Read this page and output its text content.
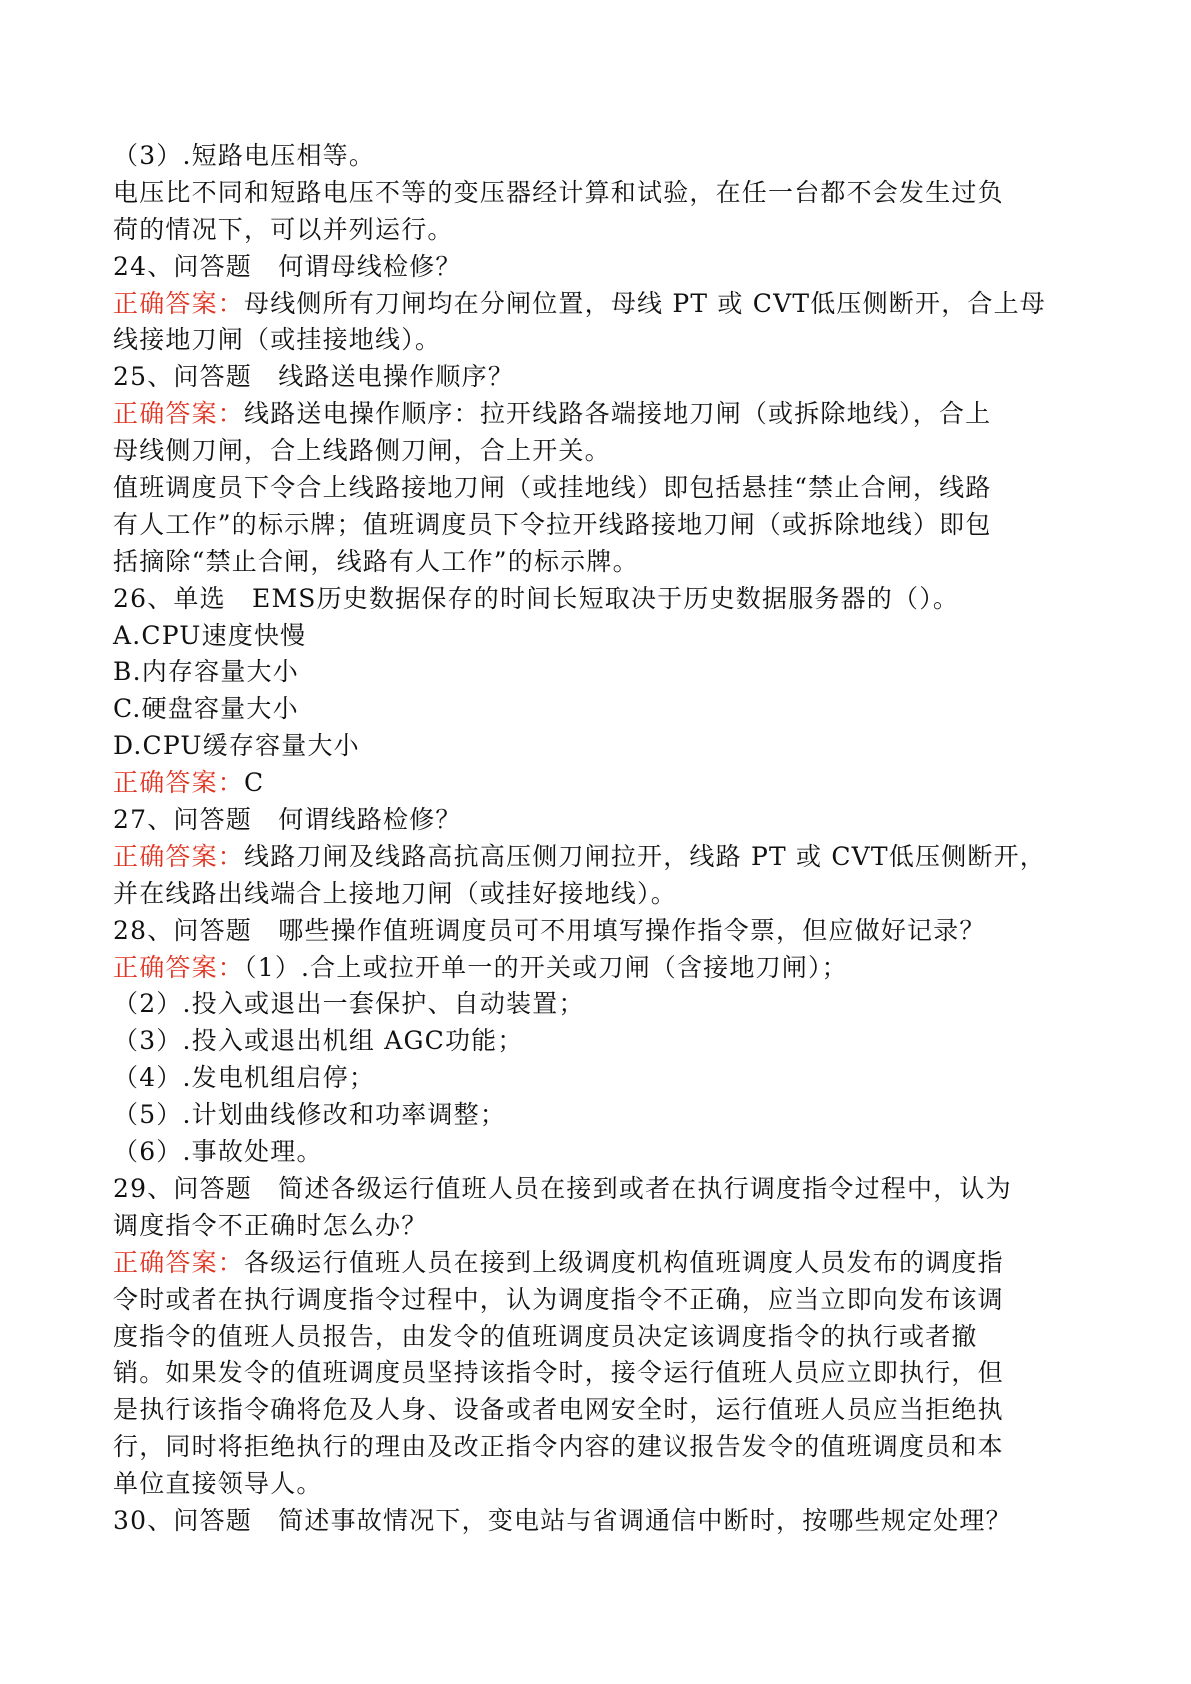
（3）.短路电压相等。
电压比不同和短路电压不等的变压器经计算和试验，在任一台都不会发生过负
荷的情况下，可以并列运行。
24、问答题　何谓母线检修？
正确答案：母线侧所有刀闸均在分闸位置，母线 PT 或 CVT低压侧断开，合上母
线接地刀闸（或挂接地线）。
25、问答题　线路送电操作顺序？
正确答案：线路送电操作顺序：拉开线路各端接地刀闸（或拆除地线），合上
母线侧刀闸，合上线路侧刀闸，合上开关。
值班调度员下令合上线路接地刀闸（或挂地线）即包括悬挂“禁止合闸，线路
有人工作”的标示牌；值班调度员下令拉开线路接地刀闸（或拆除地线）即包
括摘除“禁止合闸，线路有人工作”的标示牌。
26、单选　EMS历史数据保存的时间长短取决于历史数据服务器的（）。
A.CPU速度快慢
B.内存容量大小
C.硬盘容量大小
D.CPU缓存容量大小
正确答案：C
27、问答题　何谓线路检修？
正确答案：线路刀闸及线路高抗高压侧刀闸拉开，线路 PT 或 CVT低压侧断开，
并在线路出线端合上接地刀闸（或挂好接地线）。
28、问答题　哪些操作值班调度员可不用填写操作指令票，但应做好记录？
正确答案：（1）.合上或拉开单一的开关或刀闸（含接地刀闸）；
（2）.投入或退出一套保护、自动装置；
（3）.投入或退出机组 AGC功能；
（4）.发电机组启停；
（5）.计划曲线修改和功率调整；
（6）.事故处理。
29、问答题　简述各级运行值班人员在接到或者在执行调度指令过程中，认为
调度指令不正确时怎么办？
正确答案：各级运行值班人员在接到上级调度机构值班调度人员发布的调度指
令时或者在执行调度指令过程中，认为调度指令不正确，应当立即向发布该调
度指令的值班人员报告，由发令的值班调度员决定该调度指令的执行或者撤
销。如果发令的值班调度员坚持该指令时，接令运行值班人员应立即执行，但
是执行该指令确将危及人身、设备或者电网安全时，运行值班人员应当拒绝执
行，同时将拒绝执行的理由及改正指令内容的建议报告发令的值班调度员和本
单位直接领导人。
30、问答题　简述事故情况下，变电站与省调通信中断时，按哪些规定处理？
